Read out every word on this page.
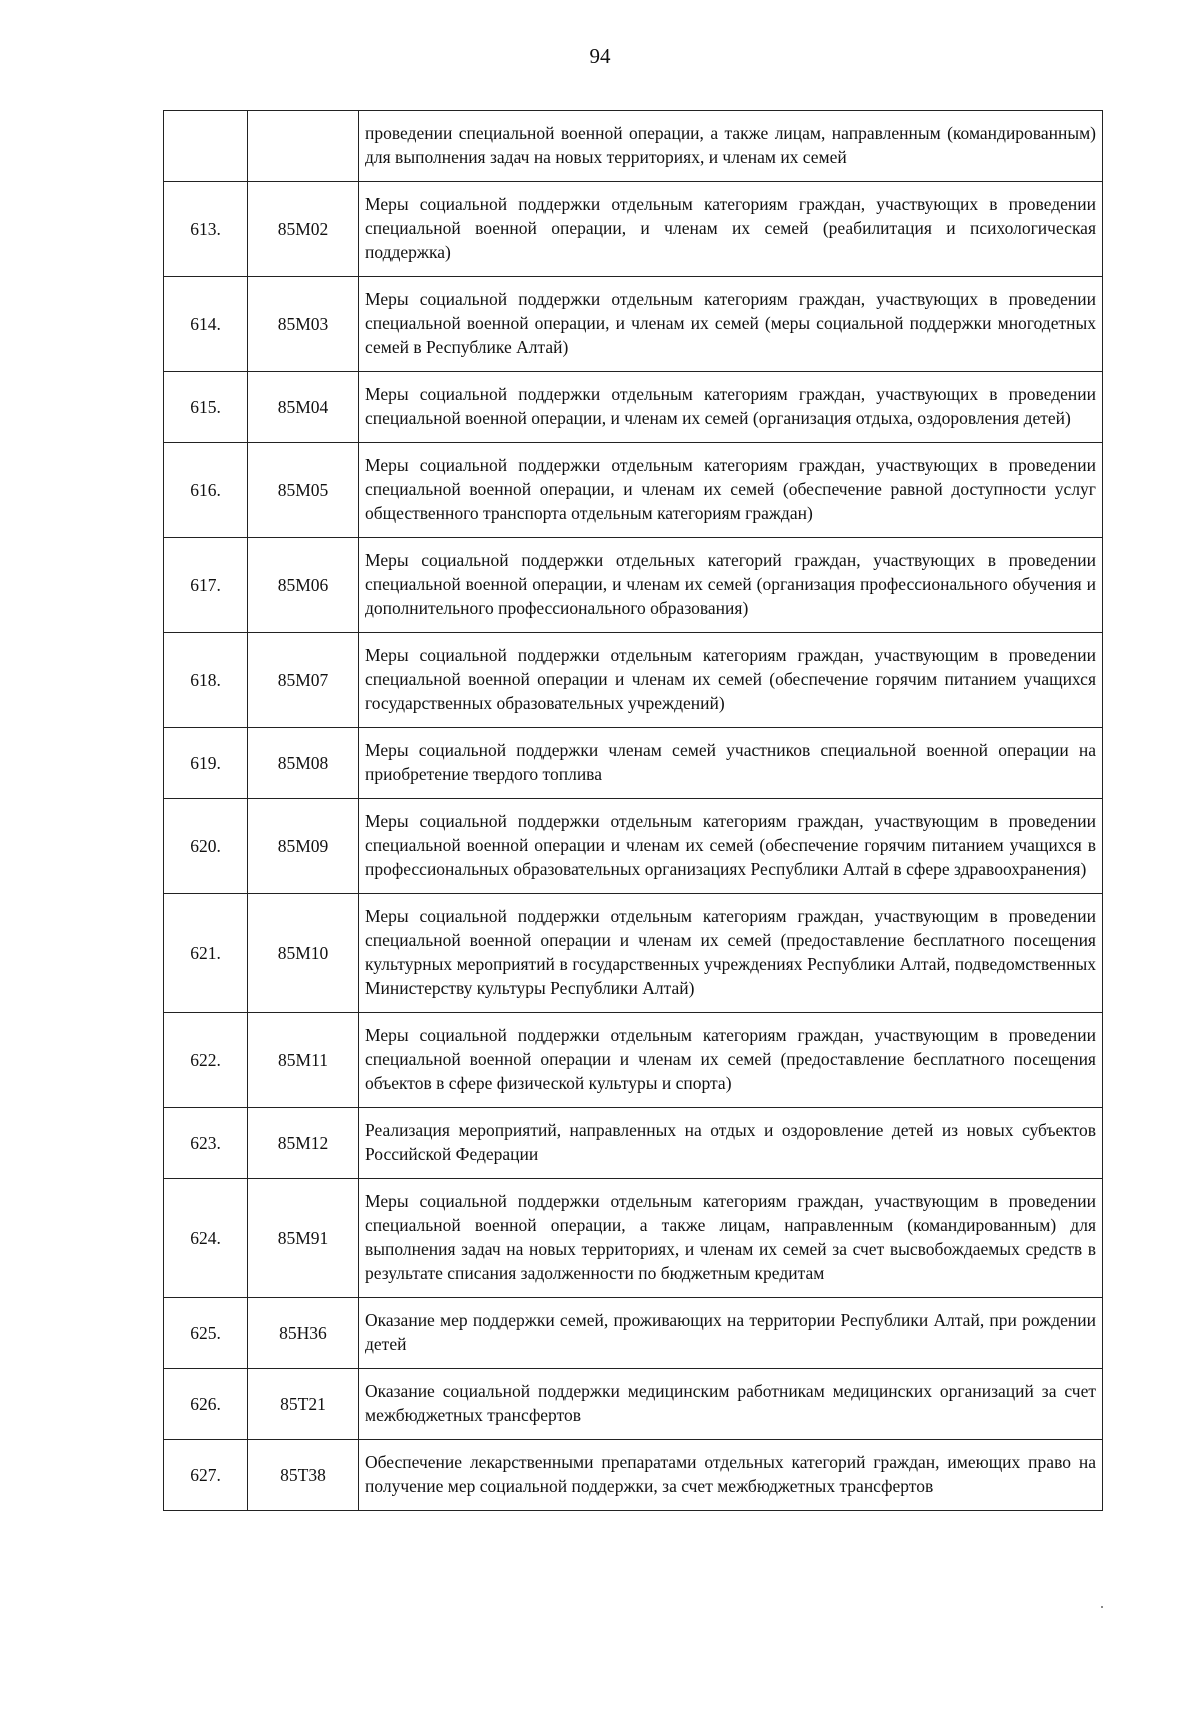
94
		проведении специальной военной операции, а также лицам, направленным (командированным) для выполнения задач на новых территориях, и членам их семей
613.	85М02	Меры социальной поддержки отдельным категориям граждан, участвующих в проведении специальной военной операции, и членам их семей (реабилитация и психологическая поддержка)
614.	85М03	Меры социальной поддержки отдельным категориям граждан, участвующих в проведении специальной военной операции, и членам их семей (меры социальной поддержки многодетных семей в Республике Алтай)
615.	85М04	Меры социальной поддержки отдельным категориям граждан, участвующих в проведении специальной военной операции, и членам их семей (организация отдыха, оздоровления детей)
616.	85М05	Меры социальной поддержки отдельным категориям граждан, участвующих в проведении специальной военной операции, и членам их семей (обеспечение равной доступности услуг общественного транспорта отдельным категориям граждан)
617.	85М06	Меры социальной поддержки отдельных категорий граждан, участвующих в проведении специальной военной операции, и членам их семей (организация профессионального обучения и дополнительного профессионального образования)
618.	85М07	Меры социальной поддержки отдельным категориям граждан, участвующим в проведении специальной военной операции и членам их семей (обеспечение горячим питанием учащихся государственных образовательных учреждений)
619.	85М08	Меры социальной поддержки членам семей участников специальной военной операции на приобретение твердого топлива
620.	85М09	Меры социальной поддержки отдельным категориям граждан, участвующим в проведении специальной военной операции и членам их семей (обеспечение горячим питанием учащихся в профессиональных образовательных организациях Республики Алтай в сфере здравоохранения)
621.	85М10	Меры социальной поддержки отдельным категориям граждан, участвующим в проведении специальной военной операции и членам их семей (предоставление бесплатного посещения культурных мероприятий в государственных учреждениях Республики Алтай, подведомственных Министерству культуры Республики Алтай)
622.	85М11	Меры социальной поддержки отдельным категориям граждан, участвующим в проведении специальной военной операции и членам их семей (предоставление бесплатного посещения объектов в сфере физической культуры и спорта)
623.	85М12	Реализация мероприятий, направленных на отдых и оздоровление детей из новых субъектов Российской Федерации
624.	85М91	Меры социальной поддержки отдельным категориям граждан, участвующим в проведении специальной военной операции, а также лицам, направленным (командированным) для выполнения задач на новых территориях, и членам их семей за счет высвобождаемых средств в результате списания задолженности по бюджетным кредитам
625.	85Н36	Оказание мер поддержки семей, проживающих на территории Республики Алтай, при рождении детей
626.	85Т21	Оказание социальной поддержки медицинским работникам медицинских организаций за счет межбюджетных трансфертов
627.	85Т38	Обеспечение лекарственными препаратами отдельных категорий граждан, имеющих право на получение мер социальной поддержки, за счет межбюджетных трансфертов
